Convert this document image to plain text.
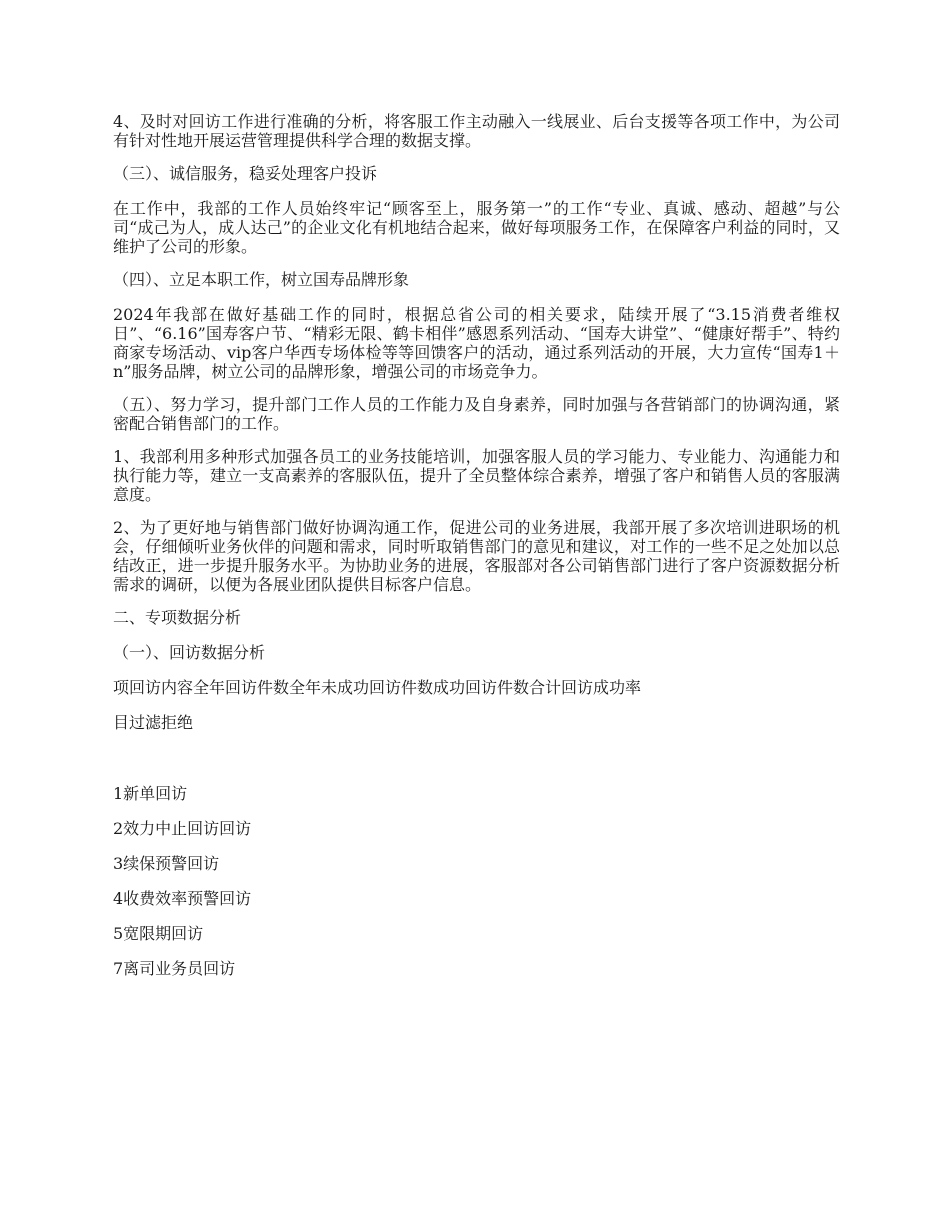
4、及时对回访工作进行准确的分析，将客服工作主动融入一线展业、后台支援等各项工作中，为公司有针对性地开展运营管理提供科学合理的数据支撑。

（三）、诚信服务，稳妥处理客户投诉

在工作中，我部的工作人员始终牢记“顾客至上，服务第一”的工作“专业、真诚、感动、超越”与公司“成己为人，成人达己”的企业文化有机地结合起来，做好每项服务工作，在保障客户利益的同时，又维护了公司的形象。

（四）、立足本职工作，树立国寿品牌形象

2024年我部在做好基础工作的同时，根据总省公司的相关要求，陆续开展了“3.15消费者维权日”、“6.16”国寿客户节、“精彩无限、鹤卡相伴”感恩系列活动、“国寿大讲堂”、“健康好帮手”、特约商家专场活动、vip客户华西专场体检等等回馈客户的活动，通过系列活动的开展，大力宣传“国寿1＋n”服务品牌，树立公司的品牌形象，增强公司的市场竞争力。

（五）、努力学习，提升部门工作人员的工作能力及自身素养，同时加强与各营销部门的协调沟通，紧密配合销售部门的工作。

1、我部利用多种形式加强各员工的业务技能培训，加强客服人员的学习能力、专业能力、沟通能力和执行能力等，建立一支高素养的客服队伍，提升了全员整体综合素养，增强了客户和销售人员的客服满意度。

2、为了更好地与销售部门做好协调沟通工作，促进公司的业务进展，我部开展了多次培训进职场的机会，仔细倾听业务伙伴的问题和需求，同时听取销售部门的意见和建议，对工作的一些不足之处加以总结改正，进一步提升服务水平。为协助业务的进展，客服部对各公司销售部门进行了客户资源数据分析需求的调研，以便为各展业团队提供目标客户信息。

二、专项数据分析

（一）、回访数据分析

项回访内容全年回访件数全年未成功回访件数成功回访件数合计回访成功率

目过滤拒绝

1新单回访

2效力中止回访回访

3续保预警回访

4收费效率预警回访

5宽限期回访

7离司业务员回访
